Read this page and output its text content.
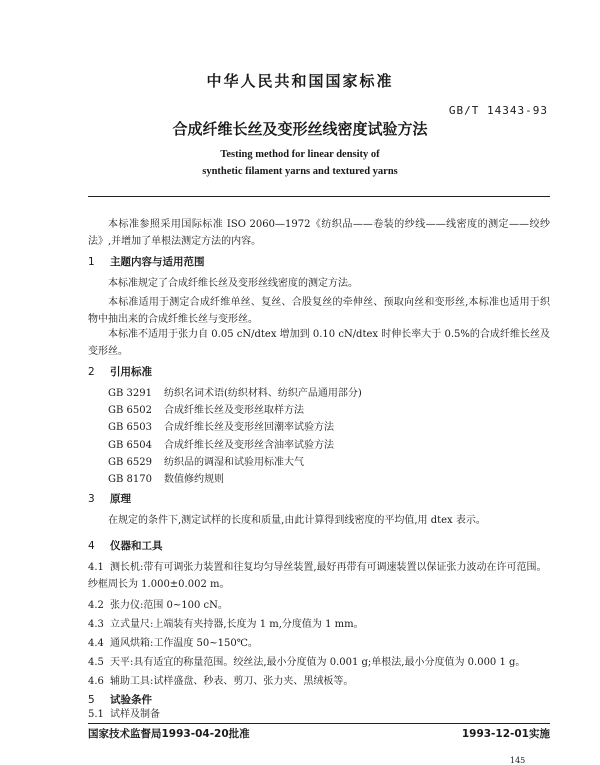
中华人民共和国国家标准
GB/T 14343-93
合成纤维长丝及变形丝线密度试验方法
Testing method for linear density of
synthetic filament yarns and textured yarns
本标准参照采用国际标准 ISO 2060—1972《纺织品——卷装的纱线——线密度的测定——绞纱法》,并增加了单根法测定方法的内容。
1 主题内容与适用范围
本标准规定了合成纤维长丝及变形丝线密度的测定方法。
本标准适用于测定合成纤维单丝、复丝、合股复丝的牵伸丝、预取向丝和变形丝,本标准也适用于织物中抽出来的合成纤维长丝与变形丝。
本标准不适用于张力自 0.05 cN/dtex 增加到 0.10 cN/dtex 时伸长率大于 0.5%的合成纤维长丝及变形丝。
2 引用标准
GB 3291 纺织名词术语(纺织材料、纺织产品通用部分)
GB 6502 合成纤维长丝及变形丝取样方法
GB 6503 合成纤维长丝及变形丝回潮率试验方法
GB 6504 合成纤维长丝及变形丝含油率试验方法
GB 6529 纺织品的调湿和试验用标准大气
GB 8170 数值修约规则
3 原理
在规定的条件下,测定试样的长度和质量,由此计算得到线密度的平均值,用 dtex 表示。
4 仪器和工具
4.1 测长机:带有可调张力装置和往复均匀导丝装置,最好再带有可调速装置以保证张力波动在许可范围。纱框周长为 1.000±0.002 m。
4.2 张力仪:范围 0~100 cN。
4.3 立式量尺:上端装有夹持器,长度为 1 m,分度值为 1 mm。
4.4 通风烘箱:工作温度 50~150℃。
4.5 天平:具有适宜的称量范围。绞丝法,最小分度值为 0.001 g;单根法,最小分度值为 0.000 1 g。
4.6 辅助工具:试样盛盘、秒表、剪刀、张力夹、黑绒板等。
5 试验条件
5.1 试样及制备
国家技术监督局1993-04-20批准	1993-12-01实施
145
